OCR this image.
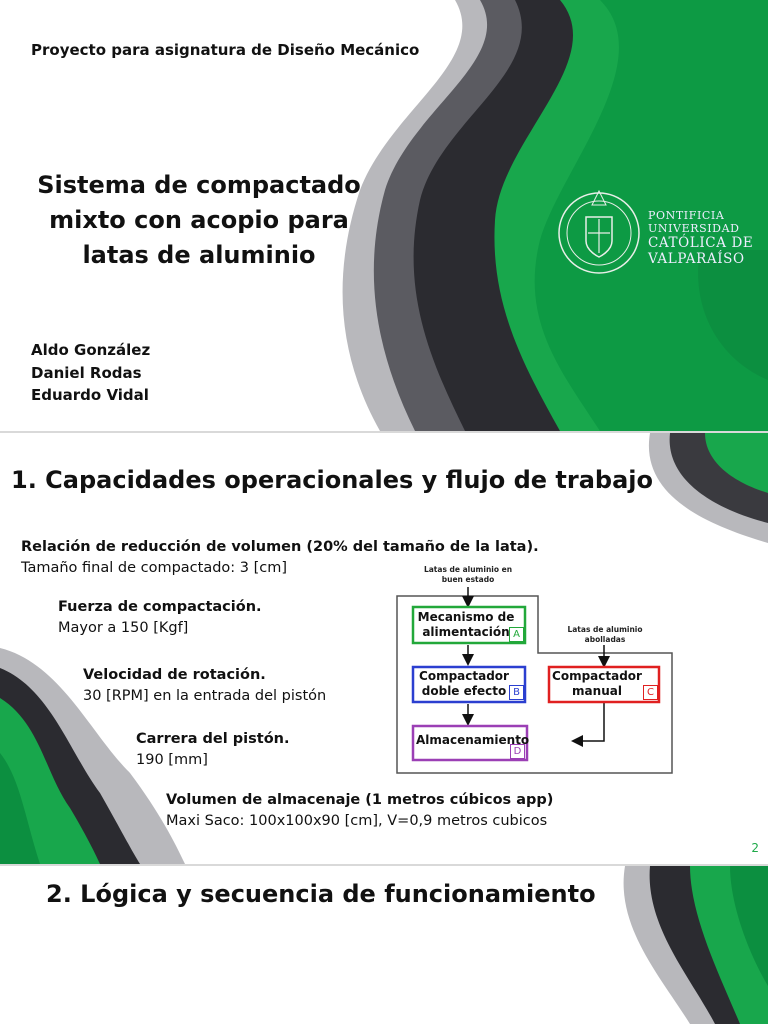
Proyecto para asignatura de Diseño Mecánico
Sistema de compactado
mixto con acopio para
latas de aluminio
Aldo González
Daniel Rodas
Eduardo Vidal
PONTIFICIA
UNIVERSIDAD
CATÓLICA DE
VALPARAÍSO
1. Capacidades operacionales y flujo de trabajo
Relación de reducción de volumen (20% del tamaño de la lata).
Tamaño final de compactado: 3 [cm]
Fuerza de compactación.
Mayor a 150 [Kgf]
Velocidad de rotación.
30 [RPM] en la entrada del pistón
Carrera del pistón.
190 [mm]
Volumen de almacenaje (1 metros cúbicos app)
Maxi Saco: 100x100x90 [cm], V=0,9 metros cubicos
Latas de aluminio en buen estado
Latas de aluminio abolladas
Mecanismo de alimentación A
Compactador doble efecto B
Compactador manual	C
Almacenamiento
D
2
2. Lógica y secuencia de funcionamiento
